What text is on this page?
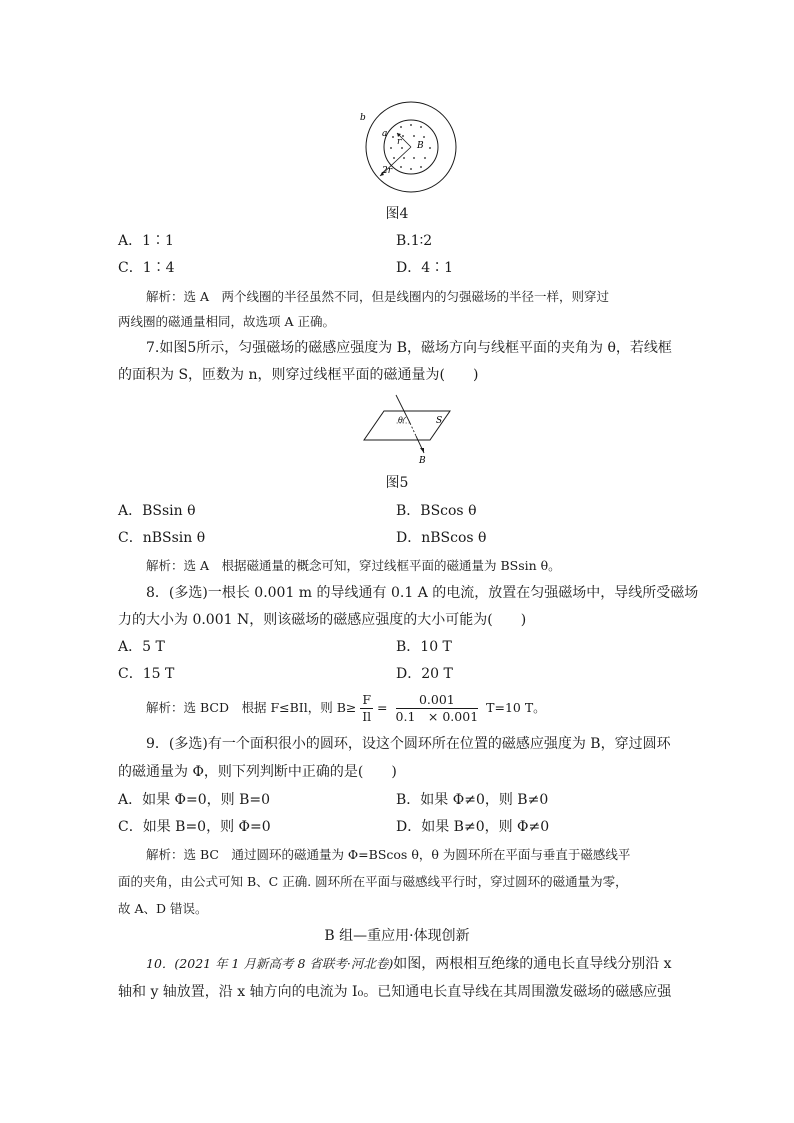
b
a
r B
2r
图4
A．1∶1	B.1∶2
C．1∶4	D．4∶1
解析：选 A　两个线圈的半径虽然不同，但是线圈内的匀强磁场的半径一样，则穿过
两线圈的磁通量相同，故选项 A 正确。
7.如图5所示，匀强磁场的磁感应强度为 B，磁场方向与线框平面的夹角为 θ，若线框
的面积为 S，匝数为 n，则穿过线框平面的磁通量为(　　)
S
θ
B
图5
A．BSsin θ	B．BScos θ
C．nBSsin θ	D．nBScos θ
解析：选 A　根据磁通量的概念可知，穿过线框平面的磁通量为 BSsin θ。
8．(多选)一根长 0.001 m 的导线通有 0.1 A 的电流，放置在匀强磁场中，导线所受磁场
力的大小为 0.001 N，则该磁场的磁感应强度的大小可能为(　　)
A．5 T	B．10 T
C．15 T	D．20 T
解析：选 BCD　根据 F≤BIl，则 $B\ge \frac{F}{Il} = \frac{0.001}{0.1 \times 0.001} T=10$ T。
9．(多选)有一个面积很小的圆环，设这个圆环所在位置的磁感应强度为 B，穿过圆环
的磁通量为 Φ，则下列判断中正确的是(　　)
A．如果 Φ=0，则 B=0	B．如果 Φ≠0，则 B≠0
C．如果 B=0，则 Φ=0	D．如果 B≠0，则 Φ≠0
解析：选 BC　通过圆环的磁通量为 Φ=BScos θ，θ 为圆环所在平面与垂直于磁感线平
面的夹角，由公式可知 B、C 正确. 圆环所在平面与磁感线平行时，穿过圆环的磁通量为零，
故 A、D 错误。
B 组—重应用·体现创新
10．(2021 年 1 月新高考 8 省联考·河北卷)如图，两根相互绝缘的通电长直导线分别沿 x
轴和 y 轴放置，沿 x 轴方向的电流为 I₀。已知通电长直导线在其周围激发磁场的磁感应强
